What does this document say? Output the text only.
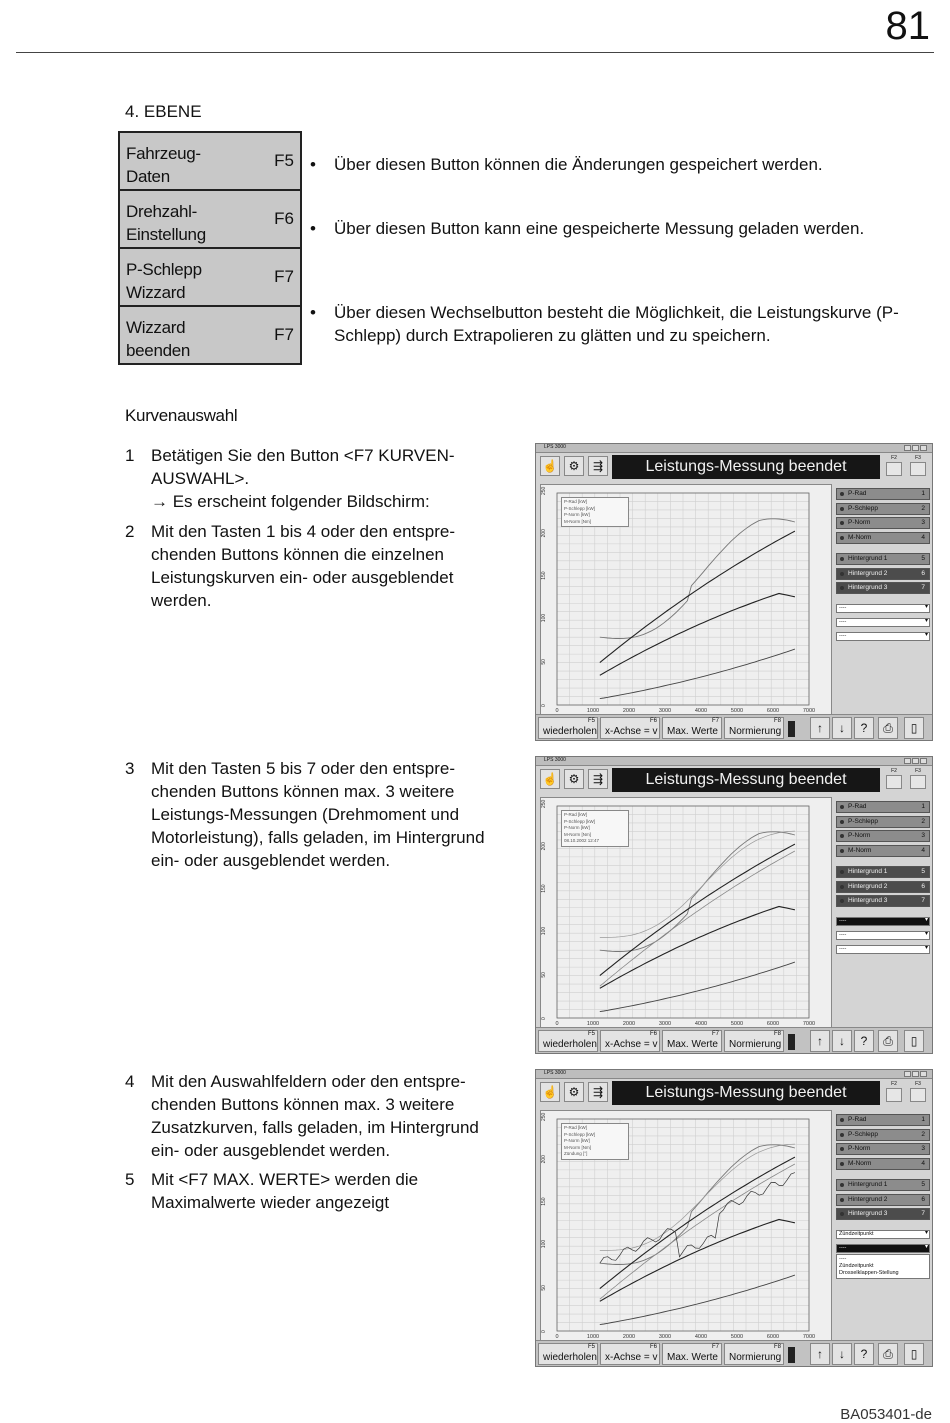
81
4. EBENE
Fahrzeug-
Daten
F5
Drehzahl-
Einstellung
F6
P-Schlepp
Wizzard
F7
Wizzard
beenden
F7
• Über diesen Button können die Änderungen gespeichert werden.
• Über diesen Button kann eine gespeicherte Messung geladen werden.
• Über diesen Wechselbutton besteht die Möglichkeit, die Leistungskurve (P-Schlepp) durch Extrapolieren zu glätten und zu speichern.
Kurvenauswahl
1 Betätigen Sie den Button <F7 KURVEN-
AUSWAHL>.
→ Es erscheint folgender Bildschirm:
2 Mit den Tasten 1 bis 4 oder den entspre-
chenden Buttons können die einzelnen
Leistungskurven ein- oder ausgeblendet
werden.
3 Mit den Tasten 5 bis 7 oder den entspre-
chenden Buttons können max. 3 weitere
Leistungs-Messungen (Drehmoment und
Motorleistung), falls geladen, im Hintergrund
ein- oder ausgeblendet werden.
4 Mit den Auswahlfeldern oder den entspre-
chenden Buttons können max. 3 weitere
Zusatzkurven, falls geladen, im Hintergrund
ein- oder ausgeblendet werden.
5 Mit <F7 MAX. WERTE> werden die
Maximalwerte wieder angezeigt
LPS 3000
☝ ⚙	⇶	Leistungs-Messung beendet	F2	F3
250
200
150
100
50
0
0	1000	2000	3000	4000	5000	6000	7000
P-Rad [kW]
P-Schlepp [kW]
P-Norm [kW]
M-Norm [Nm]
P-Rad	1
P-Schlepp	2
P-Norm	3
M-Norm	4
Hintergrund 1	5
Hintergrund 2	6
Hintergrund 3	7
----	▾
----	▾
----	▾
wiederholen
F5
x-Achse = v
F6
Max. Werte
F7
Normierung
F8	↑	↓	?	⎙	▯
LPS 3000
☝ ⚙	⇶	Leistungs-Messung beendet	F2	F3
250
200
150
100
50
0
0	1000	2000	3000	4000	5000	6000	7000
P-Rad [kW]
P-Schlepp [kW]
P-Norm [kW]
M-Norm [Nm]
08.10.2002 12:47
P-Rad	1
P-Schlepp	2
P-Norm	3
M-Norm	4
Hintergrund 1	5
Hintergrund 2	6
Hintergrund 3	7
----	▾
----	▾
----	▾
wiederholen
F5
x-Achse = v
F6
Max. Werte
F7
Normierung
F8	↑	↓	?	⎙	▯
LPS 3000
☝ ⚙	⇶	Leistungs-Messung beendet	F2	F3
250
200
150
100
50
0
0	1000	2000	3000	4000	5000	6000	7000
P-Rad [kW]
P-Schlepp [kW]
P-Norm [kW]
M-Norm [Nm]
Zündung [°]
P-Rad	1
P-Schlepp	2
P-Norm	3
M-Norm	4
Hintergrund 1	5
Hintergrund 2	6
Hintergrund 3	7
Zündzeitpunkt	▾
----	▾
----
Zündzeitpunkt
Drosselklappen-Stellung
wiederholen
F5
x-Achse = v
F6
Max. Werte
F7
Normierung
F8	↑	↓	?	⎙	▯
BA053401-de
